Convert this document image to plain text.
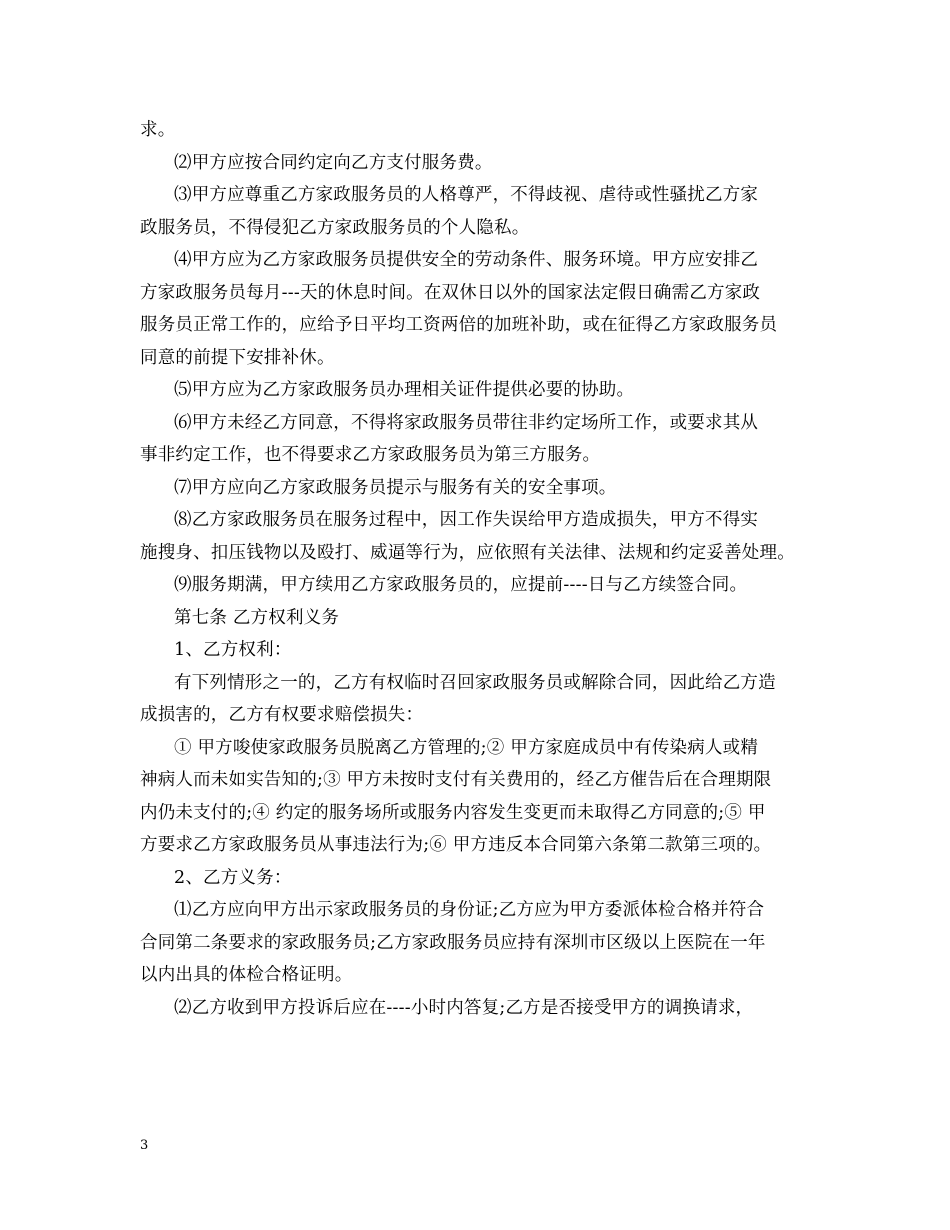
求。
⑵甲方应按合同约定向乙方支付服务费。
⑶甲方应尊重乙方家政服务员的人格尊严，不得歧视、虐待或性骚扰乙方家
政服务员，不得侵犯乙方家政服务员的个人隐私。
⑷甲方应为乙方家政服务员提供安全的劳动条件、服务环境。甲方应安排乙
方家政服务员每月---天的休息时间。在双休日以外的国家法定假日确需乙方家政
服务员正常工作的，应给予日平均工资两倍的加班补助，或在征得乙方家政服务员
同意的前提下安排补休。
⑸甲方应为乙方家政服务员办理相关证件提供必要的协助。
⑹甲方未经乙方同意，不得将家政服务员带往非约定场所工作，或要求其从
事非约定工作，也不得要求乙方家政服务员为第三方服务。
⑺甲方应向乙方家政服务员提示与服务有关的安全事项。
⑻乙方家政服务员在服务过程中，因工作失误给甲方造成损失，甲方不得实
施搜身、扣压钱物以及殴打、威逼等行为，应依照有关法律、法规和约定妥善处理。
⑼服务期满，甲方续用乙方家政服务员的，应提前----日与乙方续签合同。
第七条 乙方权利义务
1、乙方权利：
有下列情形之一的，乙方有权临时召回家政服务员或解除合同，因此给乙方造
成损害的，乙方有权要求赔偿损失：
① 甲方唆使家政服务员脱离乙方管理的;② 甲方家庭成员中有传染病人或精
神病人而未如实告知的;③ 甲方未按时支付有关费用的，经乙方催告后在合理期限
内仍未支付的;④ 约定的服务场所或服务内容发生变更而未取得乙方同意的;⑤ 甲
方要求乙方家政服务员从事违法行为;⑥ 甲方违反本合同第六条第二款第三项的。
2、乙方义务：
⑴乙方应向甲方出示家政服务员的身份证;乙方应为甲方委派体检合格并符合
合同第二条要求的家政服务员;乙方家政服务员应持有深圳市区级以上医院在一年
以内出具的体检合格证明。
⑵乙方收到甲方投诉后应在----小时内答复;乙方是否接受甲方的调换请求，
3
